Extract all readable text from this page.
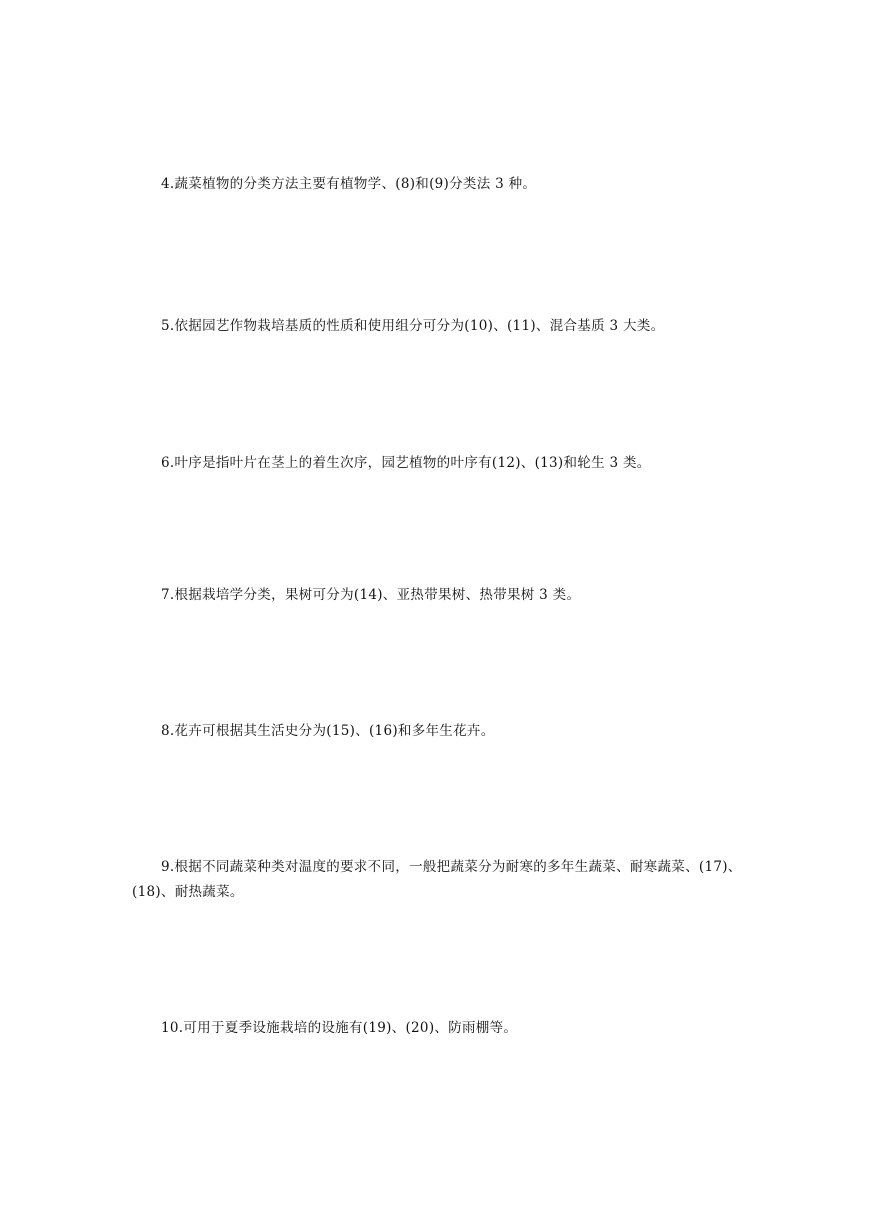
4.蔬菜植物的分类方法主要有植物学、(8)和(9)分类法 3 种。

5.依据园艺作物栽培基质的性质和使用组分可分为(10)、(11)、混合基质 3 大类。

6.叶序是指叶片在茎上的着生次序，园艺植物的叶序有(12)、(13)和轮生 3 类。

7.根据栽培学分类，果树可分为(14)、亚热带果树、热带果树 3 类。

8.花卉可根据其生活史分为(15)、(16)和多年生花卉。

9.根据不同蔬菜种类对温度的要求不同，一般把蔬菜分为耐寒的多年生蔬菜、耐寒蔬菜、(17)、(18)、耐热蔬菜。

10.可用于夏季设施栽培的设施有(19)、(20)、防雨棚等。
